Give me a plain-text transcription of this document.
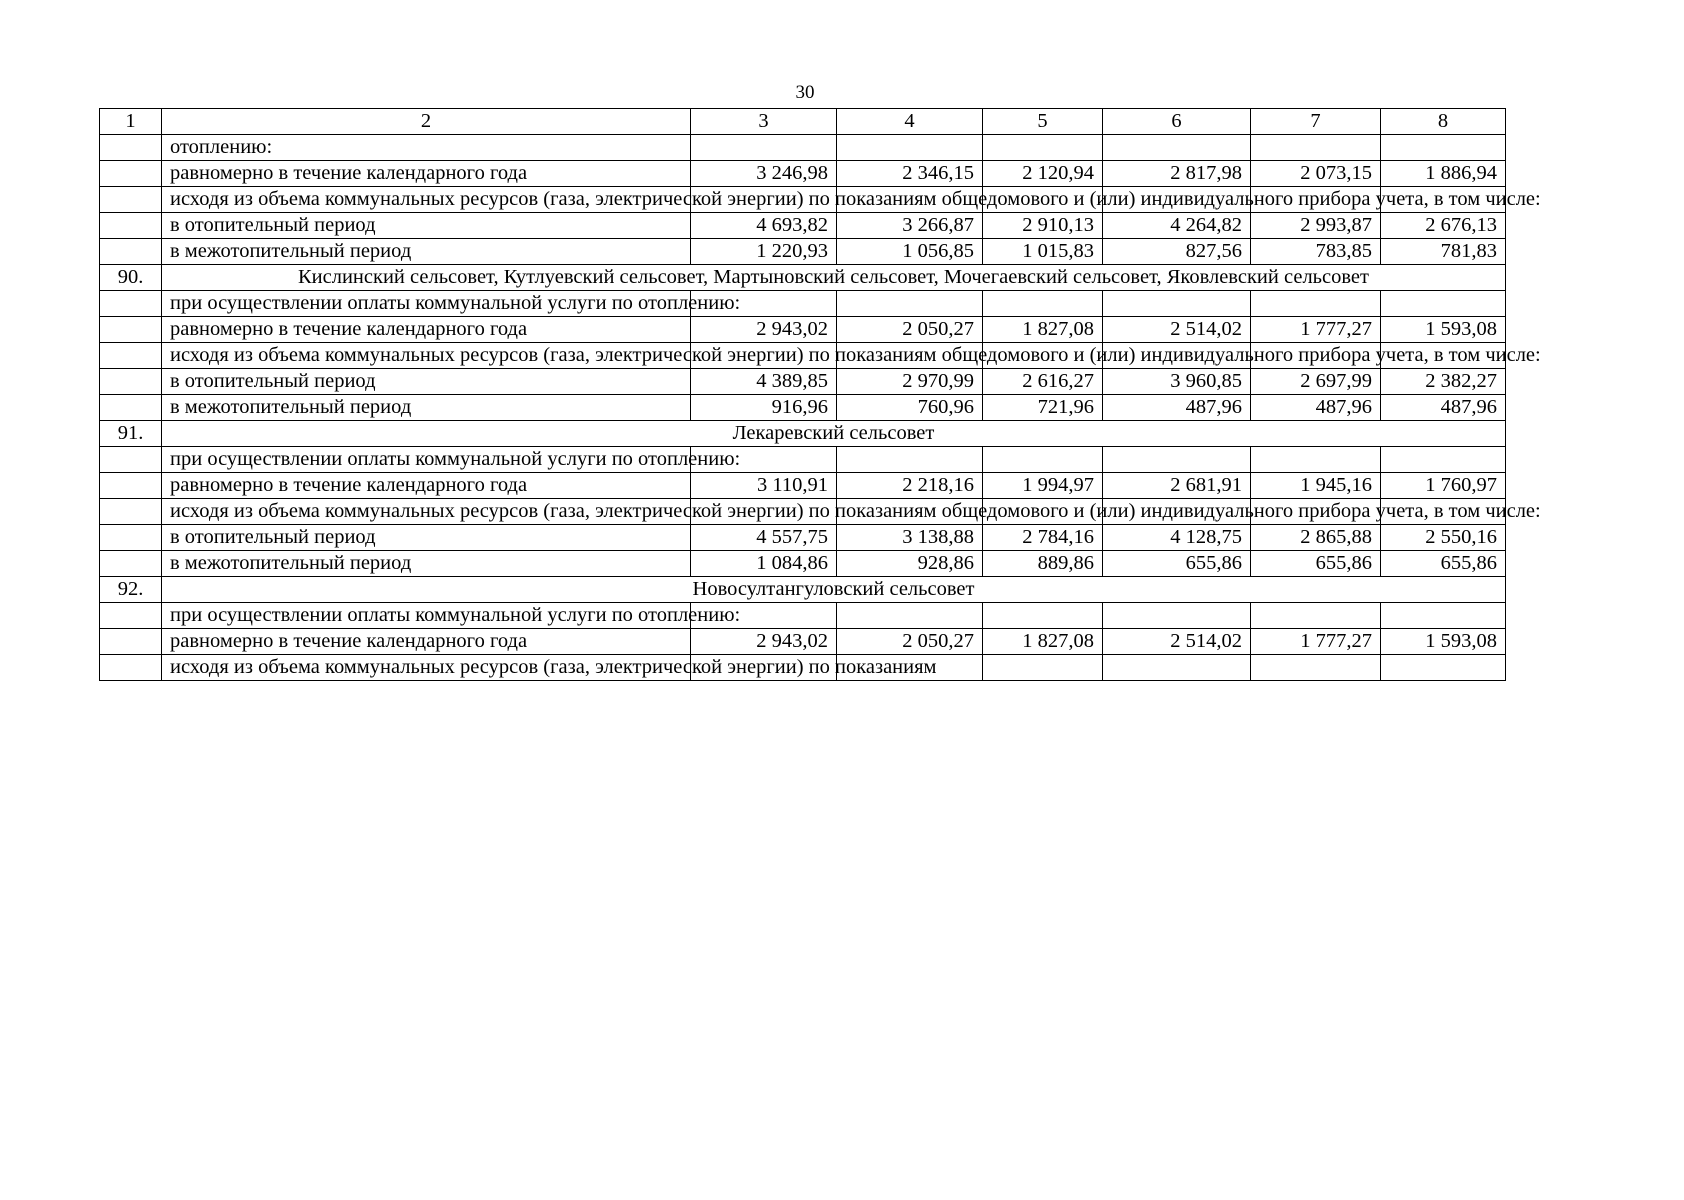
30
1	2	3	4	5	6	7	8
	отоплению:						
	равномерно в течение календарного года	3 246,98	2 346,15	2 120,94	2 817,98	2 073,15	1 886,94
	исходя из объема коммунальных ресурсов (газа, электрической энергии) по показаниям общедомового и (или) индивидуального прибора учета, в том числе:						
	в отопительный период	4 693,82	3 266,87	2 910,13	4 264,82	2 993,87	2 676,13
	в межотопительный период	1 220,93	1 056,85	1 015,83	827,56	783,85	781,83
90.	Кислинский сельсовет, Кутлуевский сельсовет, Мартыновский сельсовет, Мочегаевский сельсовет, Яковлевский сельсовет						
	при осуществлении оплаты коммунальной услуги по отоплению:						
	равномерно в течение календарного года	2 943,02	2 050,27	1 827,08	2 514,02	1 777,27	1 593,08
	исходя из объема коммунальных ресурсов (газа, электрической энергии) по показаниям общедомового и (или) индивидуального прибора учета, в том числе:						
	в отопительный период	4 389,85	2 970,99	2 616,27	3 960,85	2 697,99	2 382,27
	в межотопительный период	916,96	760,96	721,96	487,96	487,96	487,96
91.	Лекаревский сельсовет						
	при осуществлении оплаты коммунальной услуги по отоплению:						
	равномерно в течение календарного года	3 110,91	2 218,16	1 994,97	2 681,91	1 945,16	1 760,97
	исходя из объема коммунальных ресурсов (газа, электрической энергии) по показаниям общедомового и (или) индивидуального прибора учета, в том числе:						
	в отопительный период	4 557,75	3 138,88	2 784,16	4 128,75	2 865,88	2 550,16
	в межотопительный период	1 084,86	928,86	889,86	655,86	655,86	655,86
92.	Новосултангуловский сельсовет						
	при осуществлении оплаты коммунальной услуги по отоплению:						
	равномерно в течение календарного года	2 943,02	2 050,27	1 827,08	2 514,02	1 777,27	1 593,08
	исходя из объема коммунальных ресурсов (газа, электрической энергии) по показаниям						
